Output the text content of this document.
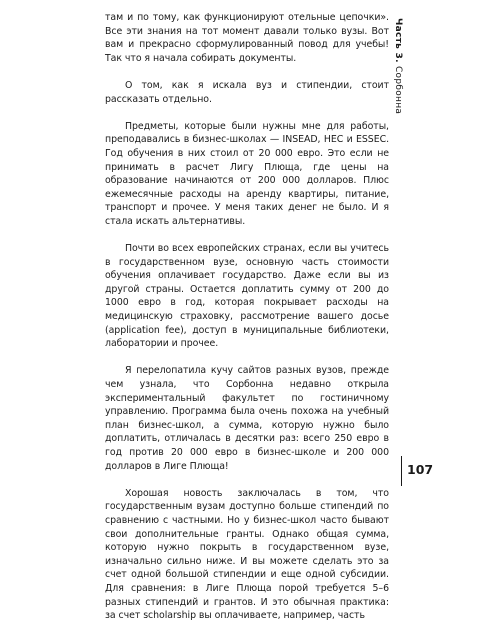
там и по тому, как функционируют отельные цепочки». Все эти знания на тот момент давали только вузы. Вот вам и прекрасно сформулированный повод для учебы! Так что я начала собирать документы.

О том, как я искала вуз и стипендии, стоит рассказать отдельно.

Предметы, которые были нужны мне для работы, преподавались в бизнес-школах — INSEAD, HEC и ESSEC. Год обучения в них стоил от 20 000 евро. Это если не принимать в расчет Лигу Плюща, где цены на образование начинаются от 200 000 долларов. Плюс ежемесячные расходы на аренду квартиры, питание, транспорт и прочее. У меня таких денег не было. И я стала искать альтернативы.

Почти во всех европейских странах, если вы учитесь в государственном вузе, основную часть стоимости обучения оплачивает государство. Даже если вы из другой страны. Остается доплатить сумму от 200 до 1000 евро в год, которая покрывает расходы на медицинскую страховку, рассмотрение вашего досье (application fee), доступ в муниципальные библиотеки, лаборатории и прочее.

Я перелопатила кучу сайтов разных вузов, прежде чем узнала, что Сорбонна недавно открыла экспериментальный факультет по гостиничному управлению. Программа была очень похожа на учебный план бизнес-школ, а сумма, которую нужно было доплатить, отличалась в десятки раз: всего 250 евро в год против 20 000 евро в бизнес-школе и 200 000 долларов в Лиге Плюща!

Хорошая новость заключалась в том, что государственным вузам доступно больше стипендий по сравнению с частными. Но у бизнес-школ часто бывают свои дополнительные гранты. Однако общая сумма, которую нужно покрыть в государственном вузе, изначально сильно ниже. И вы можете сделать это за счет одной большой стипендии и еще одной субсидии. Для сравнения: в Лиге Плюща порой требуется 5–6 разных стипендий и грантов. И это обычная практика: за счет scholarship вы оплачиваете, например, часть

Часть 3. Сорбонна
107
